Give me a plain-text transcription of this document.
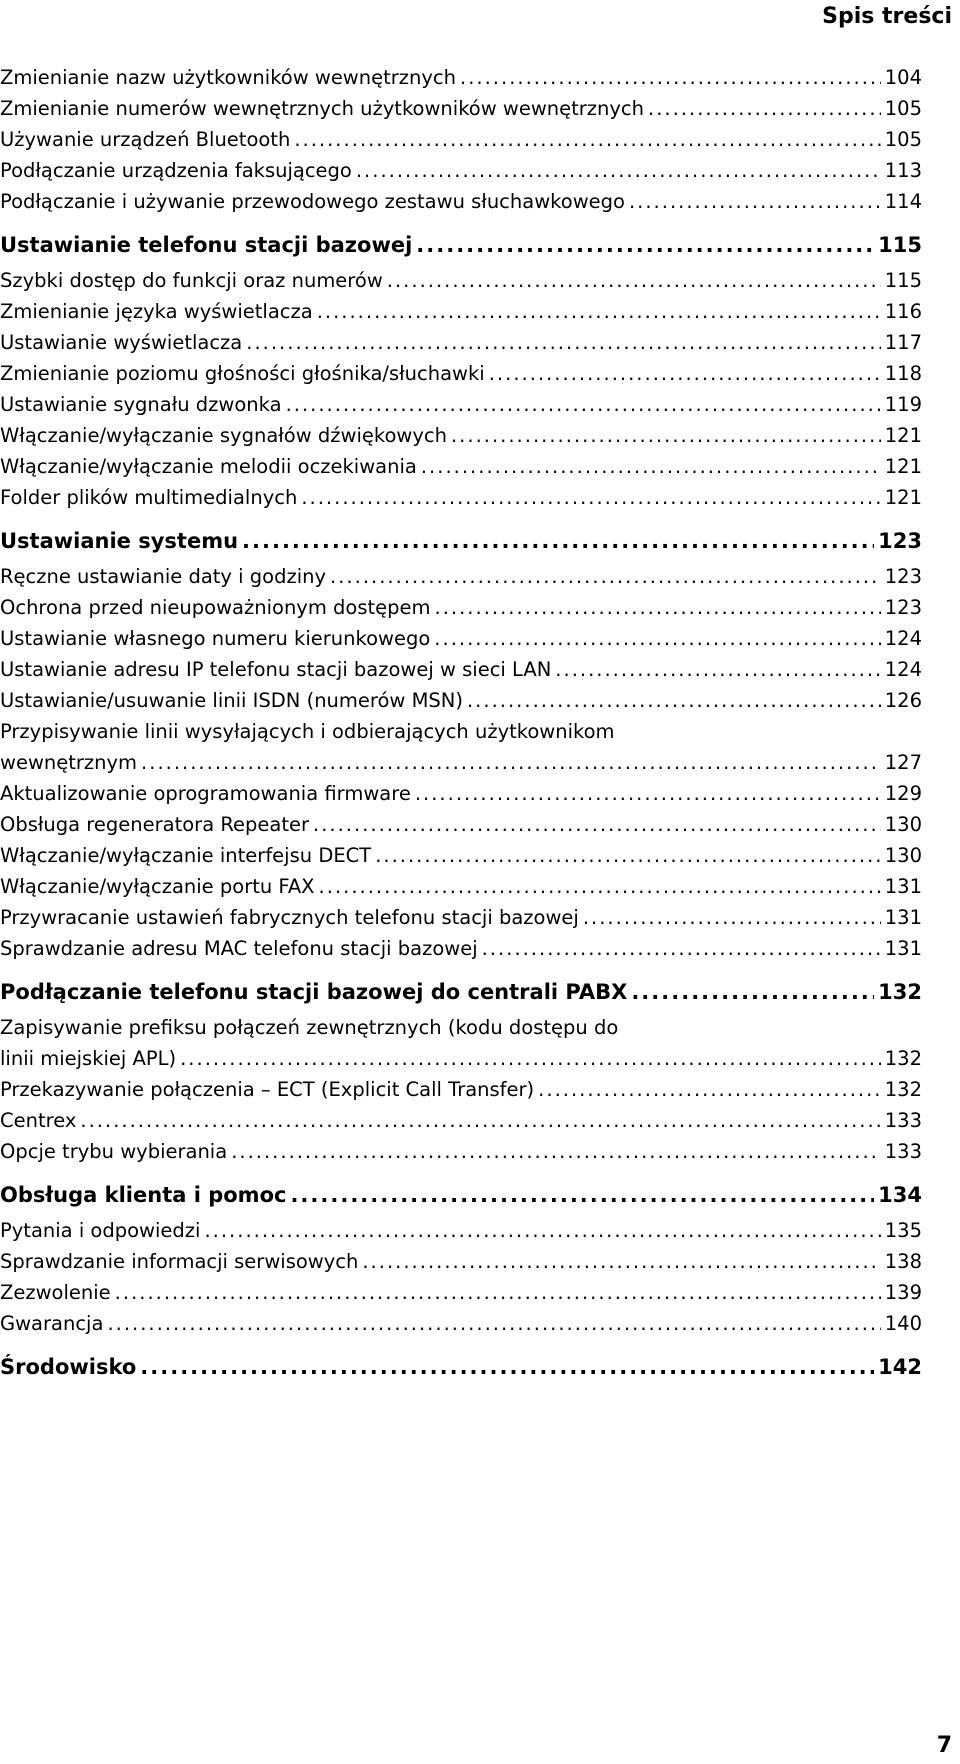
Spis treści
Zmienianie nazw użytkowników wewnętrznych .....	104
Zmienianie numerów wewnętrznych użytkowników wewnętrznych .....	105
Używanie urządzeń Bluetooth .....	105
Podłączanie urządzenia faksującego .....	113
Podłączanie i używanie przewodowego zestawu słuchawkowego .....	114
Ustawianie telefonu stacji bazowej .....	115
Szybki dostęp do funkcji oraz numerów .....	115
Zmienianie języka wyświetlacza .....	116
Ustawianie wyświetlacza .....	117
Zmienianie poziomu głośności głośnika/słuchawki .....	118
Ustawianie sygnału dzwonka .....	119
Włączanie/wyłączanie sygnałów dźwiękowych .....	121
Włączanie/wyłączanie melodii oczekiwania .....	121
Folder plików multimedialnych .....	121
Ustawianie systemu .....	123
Ręczne ustawianie daty i godziny .....	123
Ochrona przed nieupoważnionym dostępem .....	123
Ustawianie własnego numeru kierunkowego .....	124
Ustawianie adresu IP telefonu stacji bazowej w sieci LAN .....	124
Ustawianie/usuwanie linii ISDN (numerów MSN) .....	126
Przypisywanie linii wysyłających i odbierających użytkownikom
wewnętrznym .....	127
Aktualizowanie oprogramowania firmware .....	129
Obsługa regeneratora Repeater .....	130
Włączanie/wyłączanie interfejsu DECT .....	130
Włączanie/wyłączanie portu FAX .....	131
Przywracanie ustawień fabrycznych telefonu stacji bazowej .....	131
Sprawdzanie adresu MAC telefonu stacji bazowej .....	131
Podłączanie telefonu stacji bazowej do centrali PABX .....	132
Zapisywanie prefiksu połączeń zewnętrznych (kodu dostępu do
linii miejskiej APL) .....	132
Przekazywanie połączenia – ECT (Explicit Call Transfer) .....	132
Centrex .....	133
Opcje trybu wybierania .....	133
Obsługa klienta i pomoc .....	134
Pytania i odpowiedzi .....	135
Sprawdzanie informacji serwisowych .....	138
Zezwolenie .....	139
Gwarancja .....	140
Środowisko .....	142
7
